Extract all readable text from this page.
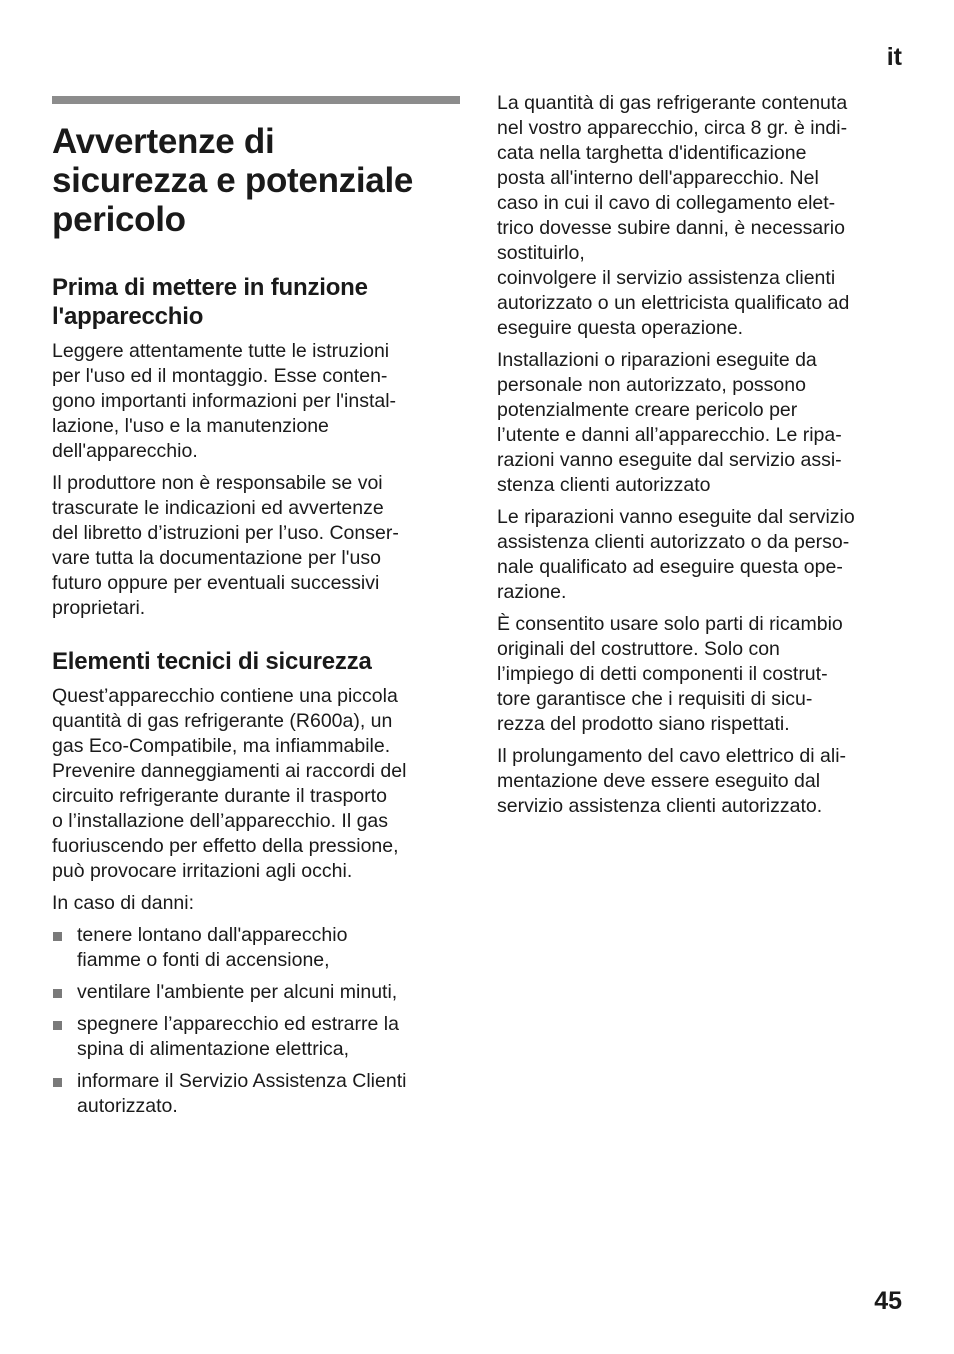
it
Avvertenze di
sicurezza e potenziale
pericolo
Prima di mettere in funzione
l'apparecchio

Leggere attentamente tutte le istruzioni
per l'uso ed il montaggio. Esse conten-
gono importanti informazioni per l'instal-
lazione, l'uso e la manutenzione
dell'apparecchio.

Il produttore non è responsabile se voi
trascurate le indicazioni ed avvertenze
del libretto d’istruzioni per l’uso. Conser-
vare tutta la documentazione per l'uso
futuro oppure per eventuali successivi
proprietari.

Elementi tecnici di sicurezza

Quest’apparecchio contiene una piccola
quantità di gas refrigerante (R600a), un
gas Eco-Compatibile, ma infiammabile.
Prevenire danneggiamenti ai raccordi del
circuito refrigerante durante il trasporto
o l’installazione dell’apparecchio. Il gas
fuoriuscendo per effetto della pressione,
può provocare irritazioni agli occhi.

In caso di danni:

tenere lontano dall'apparecchio
fiamme o fonti di accensione,
ventilare l'ambiente per alcuni minuti,
spegnere l’apparecchio ed estrarre la
spina di alimentazione elettrica,
informare il Servizio Assistenza Clienti
autorizzato.

La quantità di gas refrigerante contenuta
nel vostro apparecchio, circa 8 gr. è indi-
cata nella targhetta d'identificazione
posta all'interno dell'apparecchio. Nel
caso in cui il cavo di collegamento elet-
trico dovesse subire danni, è necessario
sostituirlo,
coinvolgere il servizio assistenza clienti
autorizzato o un elettricista qualificato ad
eseguire questa operazione.

Installazioni o riparazioni eseguite da
personale non autorizzato, possono
potenzialmente creare pericolo per
l’utente e danni all’apparecchio. Le ripa-
razioni vanno eseguite dal servizio assi-
stenza clienti autorizzato

Le riparazioni vanno eseguite dal servizio
assistenza clienti autorizzato o da perso-
nale qualificato ad eseguire questa ope-
razione.

È consentito usare solo parti di ricambio
originali del costruttore. Solo con
l’impiego di detti componenti il costrut-
tore garantisce che i requisiti di sicu-
rezza del prodotto siano rispettati.

Il prolungamento del cavo elettrico di ali-
mentazione deve essere eseguito dal
servizio assistenza clienti autorizzato.

45
